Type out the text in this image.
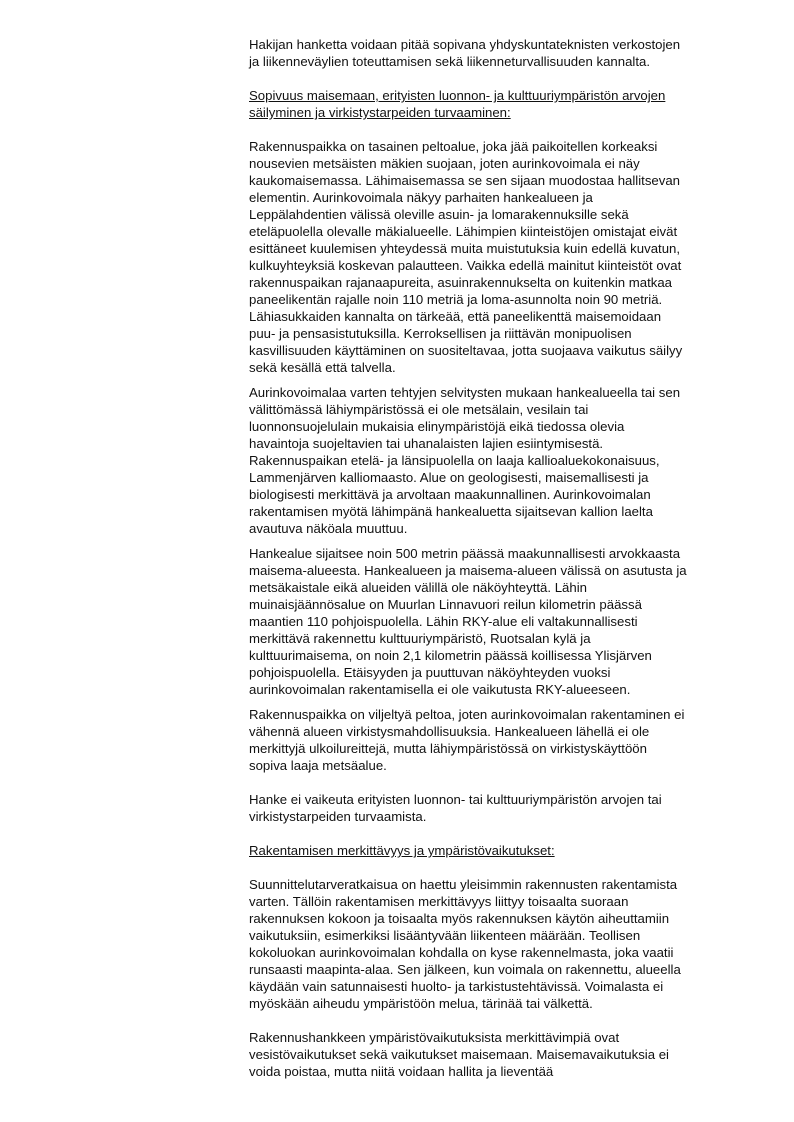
Hakijan hanketta voidaan pitää sopivana yhdyskuntateknisten verkostojen
ja liikenneväylien toteuttamisen sekä liikenneturvallisuuden kannalta.
Sopivuus maisemaan, erityisten luonnon- ja kulttuuriympäristön arvojen
säilyminen ja virkistystarpeiden turvaaminen:
Rakennuspaikka on tasainen peltoalue, joka jää paikoitellen korkeaksi
nousevien metsäisten mäkien suojaan, joten aurinkovoimala ei näy
kaukomaisemassa. Lähimaisemassa se sen sijaan muodostaa hallitsevan
elementin. Aurinkovoimala näkyy parhaiten hankealueen ja
Leppälahdentien välissä oleville asuin- ja lomarakennuksille sekä
eteläpuolella olevalle mäkialueelle. Lähimpien kiinteistöjen omistajat eivät
esittäneet kuulemisen yhteydessä muita muistutuksia kuin edellä kuvatun,
kulkuyhteyksiä koskevan palautteen. Vaikka edellä mainitut kiinteistöt ovat
rakennuspaikan rajanaapureita, asuinrakennukselta on kuitenkin matkaa
paneelikentän rajalle noin 110 metriä ja loma-asunnolta noin 90 metriä.
Lähiasukkaiden kannalta on tärkeää, että paneelikenttä maisemoidaan
puu- ja pensasistutuksilla. Kerroksellisen ja riittävän monipuolisen
kasvillisuuden käyttäminen on suositeltavaa, jotta suojaava vaikutus säilyy
sekä kesällä että talvella.
Aurinkovoimalaa varten tehtyjen selvitysten mukaan hankealueella tai sen
välittömässä lähiympäristössä ei ole metsälain, vesilain tai
luonnonsuojelulain mukaisia elinympäristöjä eikä tiedossa olevia
havaintoja suojeltavien tai uhanalaisten lajien esiintymisestä.
Rakennuspaikan etelä- ja länsipuolella on laaja kallioaluekokonaisuus,
Lammenjärven kalliomaasto. Alue on geologisesti, maisemallisesti ja
biologisesti merkittävä ja arvoltaan maakunnallinen. Aurinkovoimalan
rakentamisen myötä lähimpänä hankealuetta sijaitsevan kallion laelta
avautuva näköala muuttuu.
Hankealue sijaitsee noin 500 metrin päässä maakunnallisesti arvokkaasta
maisema-alueesta. Hankealueen ja maisema-alueen välissä on asutusta ja
metsäkaistale eikä alueiden välillä ole näköyhteyttä. Lähin
muinaisjäännösalue on Muurlan Linnavuori reilun kilometrin päässä
maantien 110 pohjoispuolella. Lähin RKY-alue eli valtakunnallisesti
merkittävä rakennettu kulttuuriympäristö, Ruotsalan kylä ja
kulttuurimaisema, on noin 2,1 kilometrin päässä koillisessa Ylisjärven
pohjoispuolella. Etäisyyden ja puuttuvan näköyhteyden vuoksi
aurinkovoimalan rakentamisella ei ole vaikutusta RKY-alueeseen.
Rakennuspaikka on viljeltyä peltoa, joten aurinkovoimalan rakentaminen ei
vähennä alueen virkistysmahdollisuuksia. Hankealueen lähellä ei ole
merkittyjä ulkoilureittejä, mutta lähiympäristössä on virkistyskäyttöön
sopiva laaja metsäalue.
Hanke ei vaikeuta erityisten luonnon- tai kulttuuriympäristön arvojen tai
virkistystarpeiden turvaamista.
Rakentamisen merkittävyys ja ympäristövaikutukset:
Suunnittelutarveratkaisua on haettu yleisimmin rakennusten rakentamista
varten. Tällöin rakentamisen merkittävyys liittyy toisaalta suoraan
rakennuksen kokoon ja toisaalta myös rakennuksen käytön aiheuttamiin
vaikutuksiin, esimerkiksi lisääntyvään liikenteen määrään. Teollisen
kokoluokan aurinkovoimalan kohdalla on kyse rakennelmasta, joka vaatii
runsaasti maapinta-alaa. Sen jälkeen, kun voimala on rakennettu, alueella
käydään vain satunnaisesti huolto- ja tarkistustehtävissä. Voimalasta ei
myöskään aiheudu ympäristöön melua, tärinää tai välkettä.
Rakennushankkeen ympäristövaikutuksista merkittävimpiä ovat
vesistövaikutukset sekä vaikutukset maisemaan. Maisemavaikutuksia ei
voida poistaa, mutta niitä voidaan hallita ja lieventää
